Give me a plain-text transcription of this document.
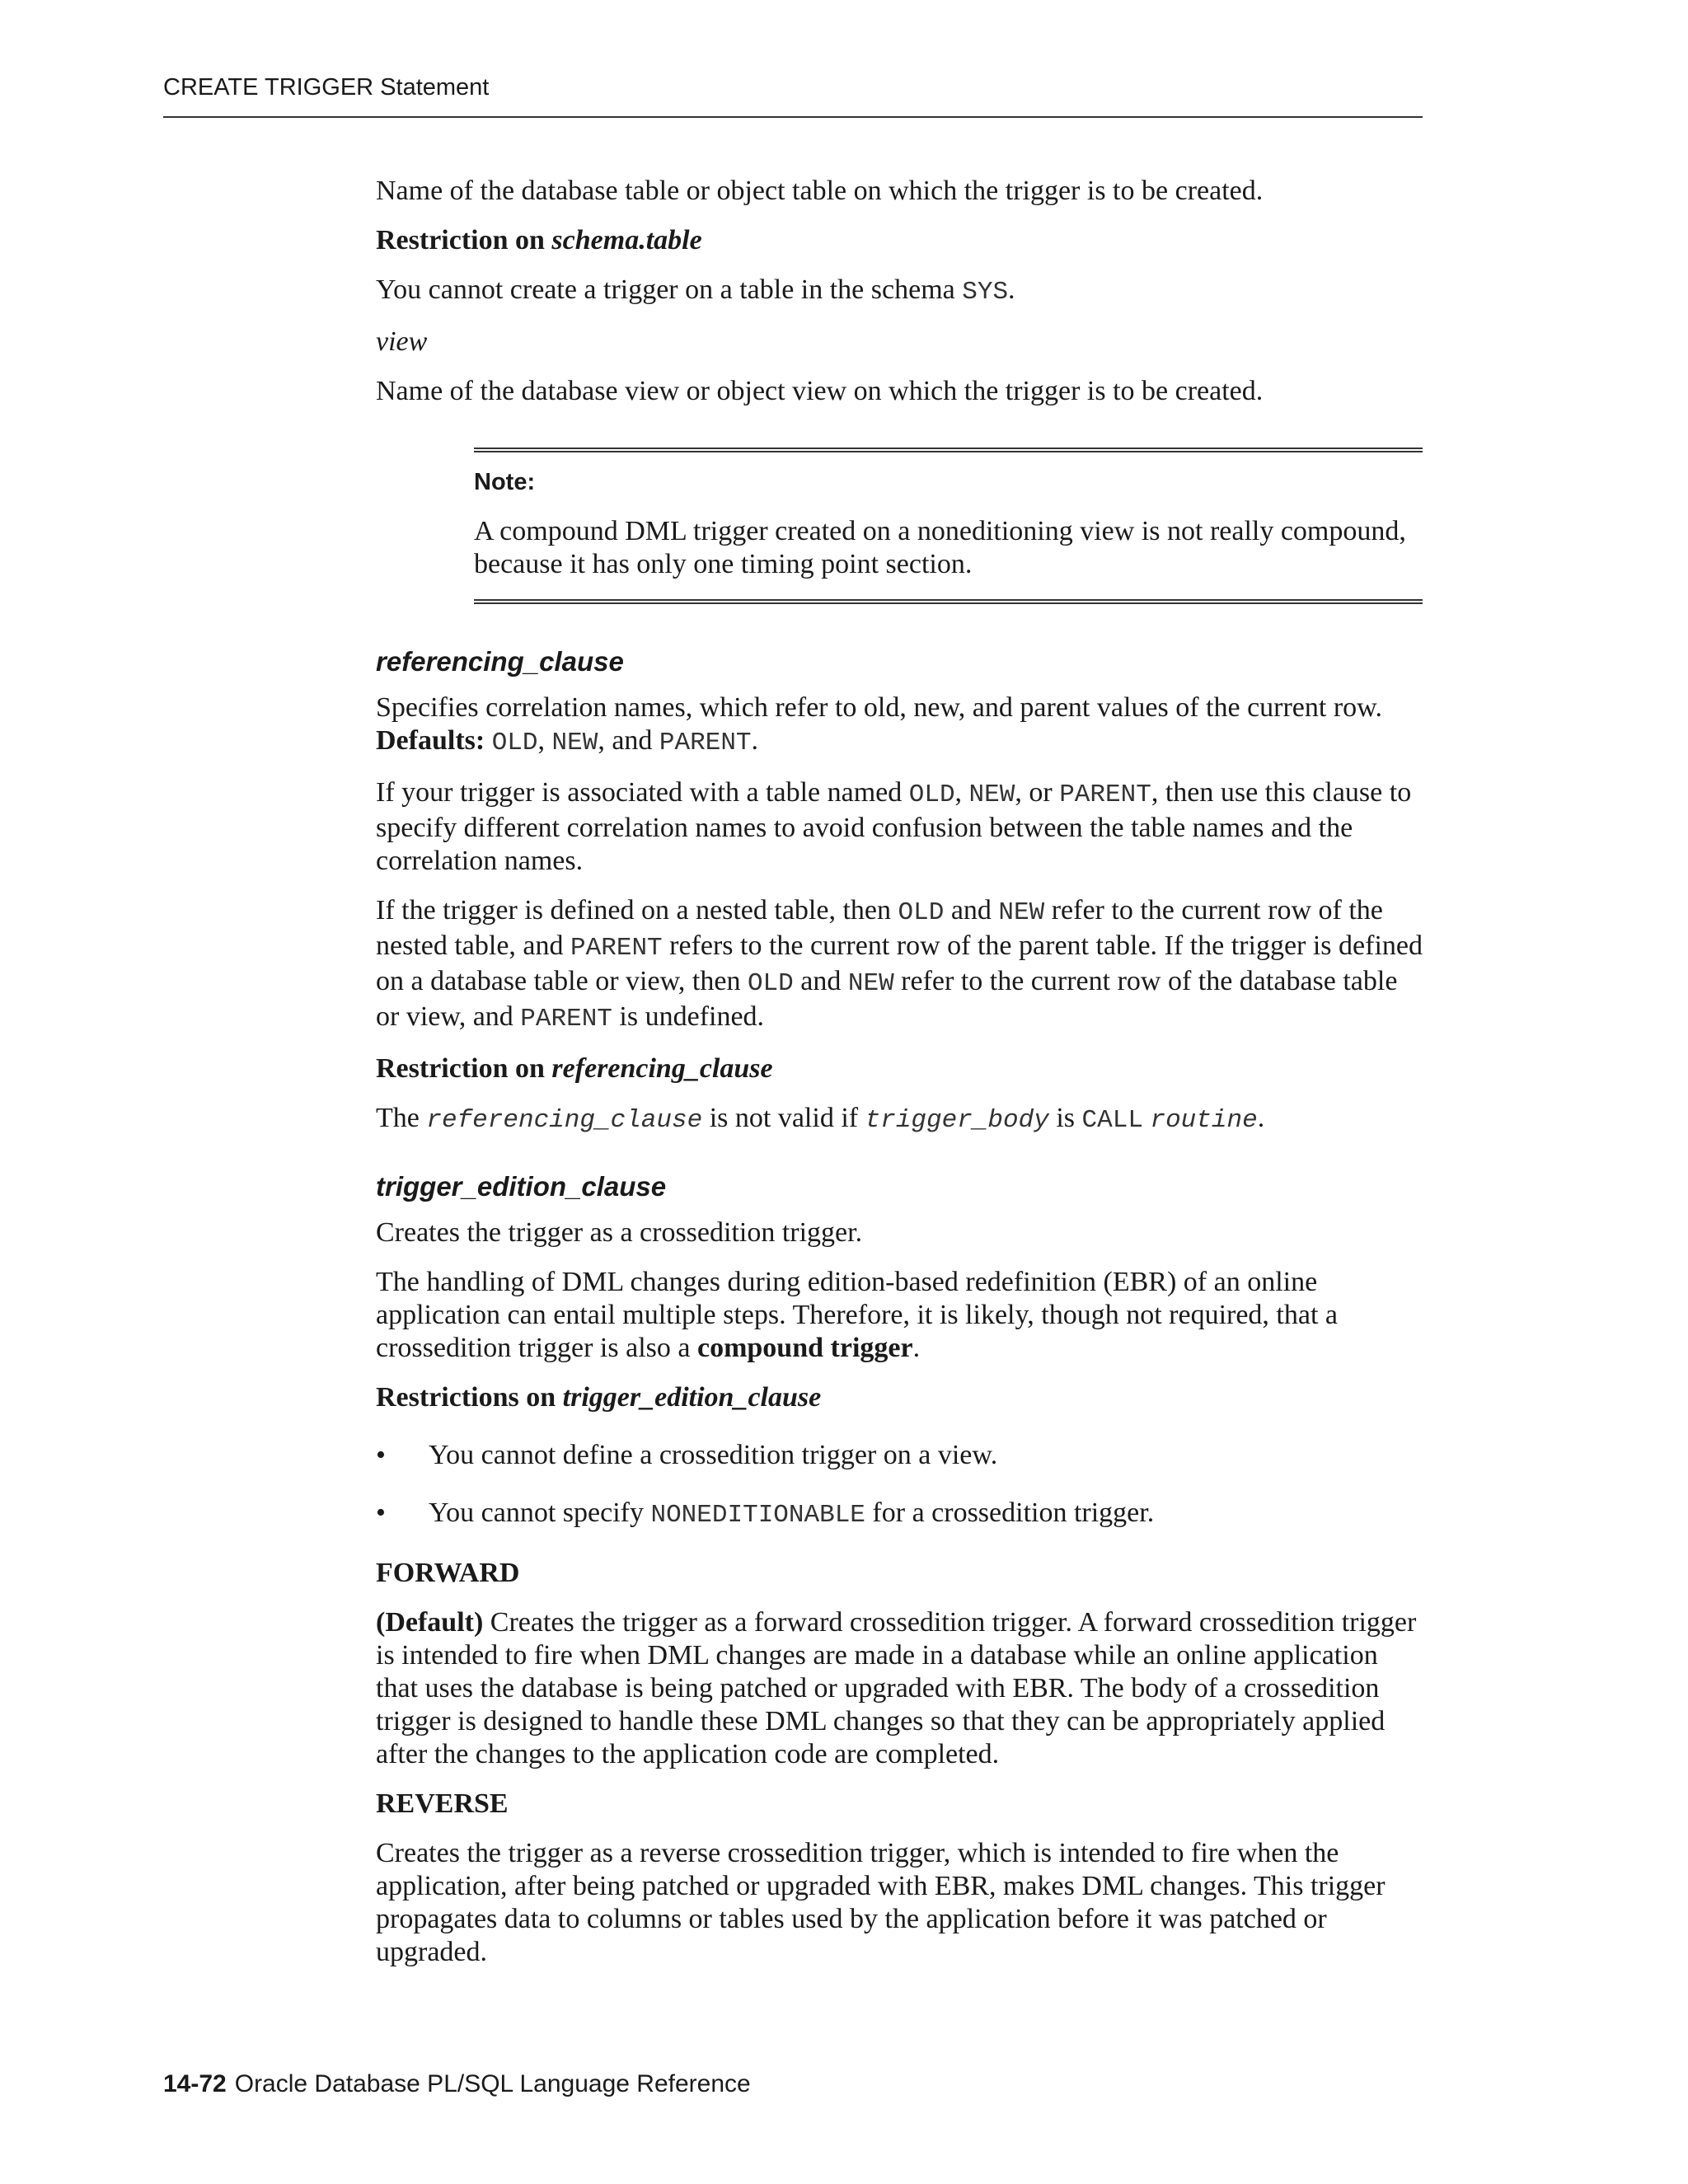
CREATE TRIGGER Statement

Name of the database table or object table on which the trigger is to be created.

Restriction on schema.table

You cannot create a trigger on a table in the schema SYS.

view

Name of the database view or object view on which the trigger is to be created.

Note:

A compound DML trigger created on a noneditioning view is not really compound, because it has only one timing point section.

referencing_clause

Specifies correlation names, which refer to old, new, and parent values of the current row. Defaults: OLD, NEW, and PARENT.

If your trigger is associated with a table named OLD, NEW, or PARENT, then use this clause to specify different correlation names to avoid confusion between the table names and the correlation names.

If the trigger is defined on a nested table, then OLD and NEW refer to the current row of the nested table, and PARENT refers to the current row of the parent table. If the trigger is defined on a database table or view, then OLD and NEW refer to the current row of the database table or view, and PARENT is undefined.

Restriction on referencing_clause

The referencing_clause is not valid if trigger_body is CALL routine.

trigger_edition_clause

Creates the trigger as a crossedition trigger.

The handling of DML changes during edition-based redefinition (EBR) of an online application can entail multiple steps. Therefore, it is likely, though not required, that a crossedition trigger is also a compound trigger.

Restrictions on trigger_edition_clause

• You cannot define a crossedition trigger on a view.
• You cannot specify NONEDITIONABLE for a crossedition trigger.

FORWARD

(Default) Creates the trigger as a forward crossedition trigger. A forward crossedition trigger is intended to fire when DML changes are made in a database while an online application that uses the database is being patched or upgraded with EBR. The body of a crossedition trigger is designed to handle these DML changes so that they can be appropriately applied after the changes to the application code are completed.

REVERSE

Creates the trigger as a reverse crossedition trigger, which is intended to fire when the application, after being patched or upgraded with EBR, makes DML changes. This trigger propagates data to columns or tables used by the application before it was patched or upgraded.

14-72 Oracle Database PL/SQL Language Reference
